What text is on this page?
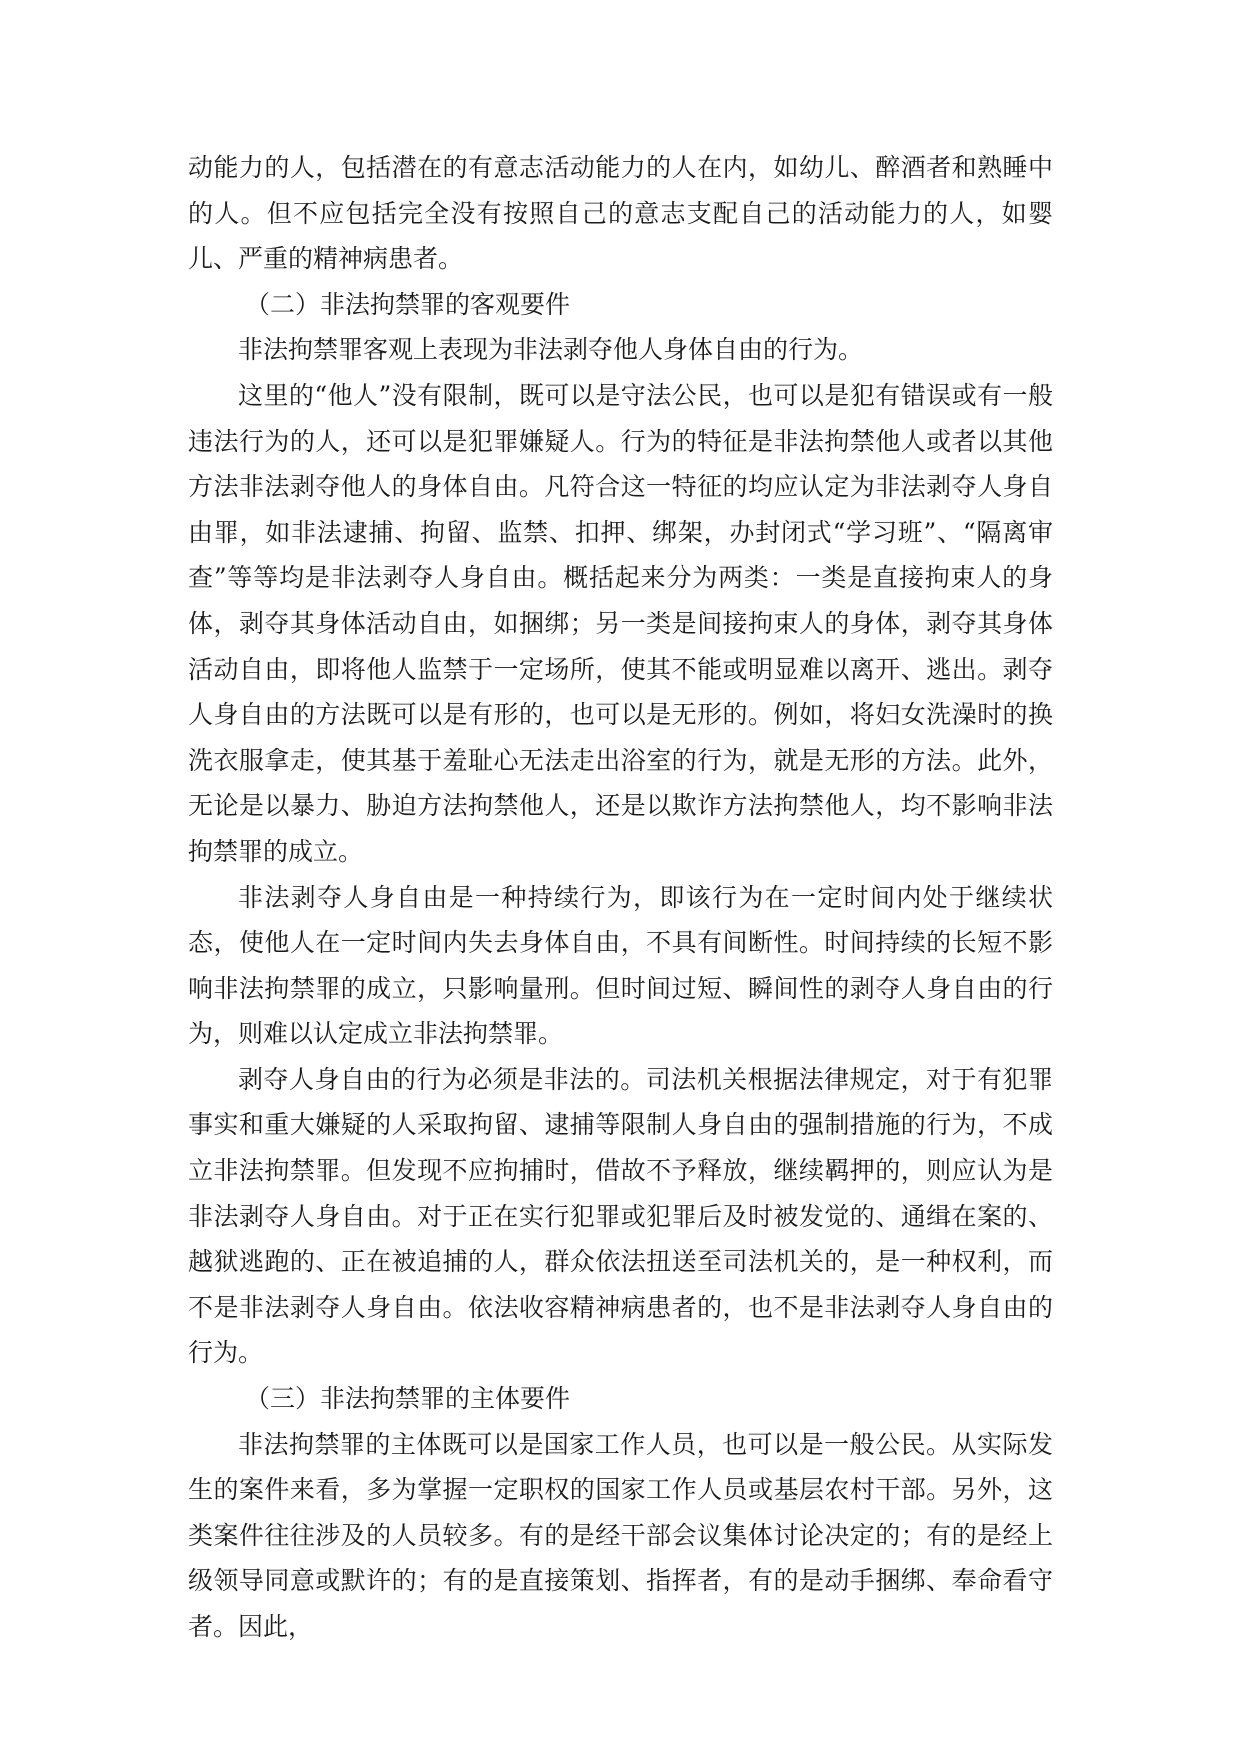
动能力的人，包括潜在的有意志活动能力的人在内，如幼儿、醉酒者和熟睡中的人。但不应包括完全没有按照自己的意志支配自己的活动能力的人，如婴儿、严重的精神病患者。

（二）非法拘禁罪的客观要件

非法拘禁罪客观上表现为非法剥夺他人身体自由的行为。

这里的“他人”没有限制，既可以是守法公民，也可以是犯有错误或有一般违法行为的人，还可以是犯罪嫌疑人。行为的特征是非法拘禁他人或者以其他方法非法剥夺他人的身体自由。凡符合这一特征的均应认定为非法剥夺人身自由罪，如非法逮捕、拘留、监禁、扣押、绑架，办封闭式“学习班”、“隔离审查”等等均是非法剥夺人身自由。概括起来分为两类：一类是直接拘束人的身体，剥夺其身体活动自由，如捆绑；另一类是间接拘束人的身体，剥夺其身体活动自由，即将他人监禁于一定场所，使其不能或明显难以离开、逃出。剥夺人身自由的方法既可以是有形的，也可以是无形的。例如，将妇女洗澡时的换洗衣服拿走，使其基于羞耻心无法走出浴室的行为，就是无形的方法。此外，无论是以暴力、胁迫方法拘禁他人，还是以欺诈方法拘禁他人，均不影响非法拘禁罪的成立。

非法剥夺人身自由是一种持续行为，即该行为在一定时间内处于继续状态，使他人在一定时间内失去身体自由，不具有间断性。时间持续的长短不影响非法拘禁罪的成立，只影响量刑。但时间过短、瞬间性的剥夺人身自由的行为，则难以认定成立非法拘禁罪。

剥夺人身自由的行为必须是非法的。司法机关根据法律规定，对于有犯罪事实和重大嫌疑的人采取拘留、逮捕等限制人身自由的强制措施的行为，不成立非法拘禁罪。但发现不应拘捕时，借故不予释放，继续羁押的，则应认为是非法剥夺人身自由。对于正在实行犯罪或犯罪后及时被发觉的、通缉在案的、越狱逃跑的、正在被追捕的人，群众依法扭送至司法机关的，是一种权利，而不是非法剥夺人身自由。依法收容精神病患者的，也不是非法剥夺人身自由的行为。

（三）非法拘禁罪的主体要件

非法拘禁罪的主体既可以是国家工作人员，也可以是一般公民。从实际发生的案件来看，多为掌握一定职权的国家工作人员或基层农村干部。另外，这类案件往往涉及的人员较多。有的是经干部会议集体讨论决定的；有的是经上级领导同意或默许的；有的是直接策划、指挥者，有的是动手捆绑、奉命看守者。因此，
